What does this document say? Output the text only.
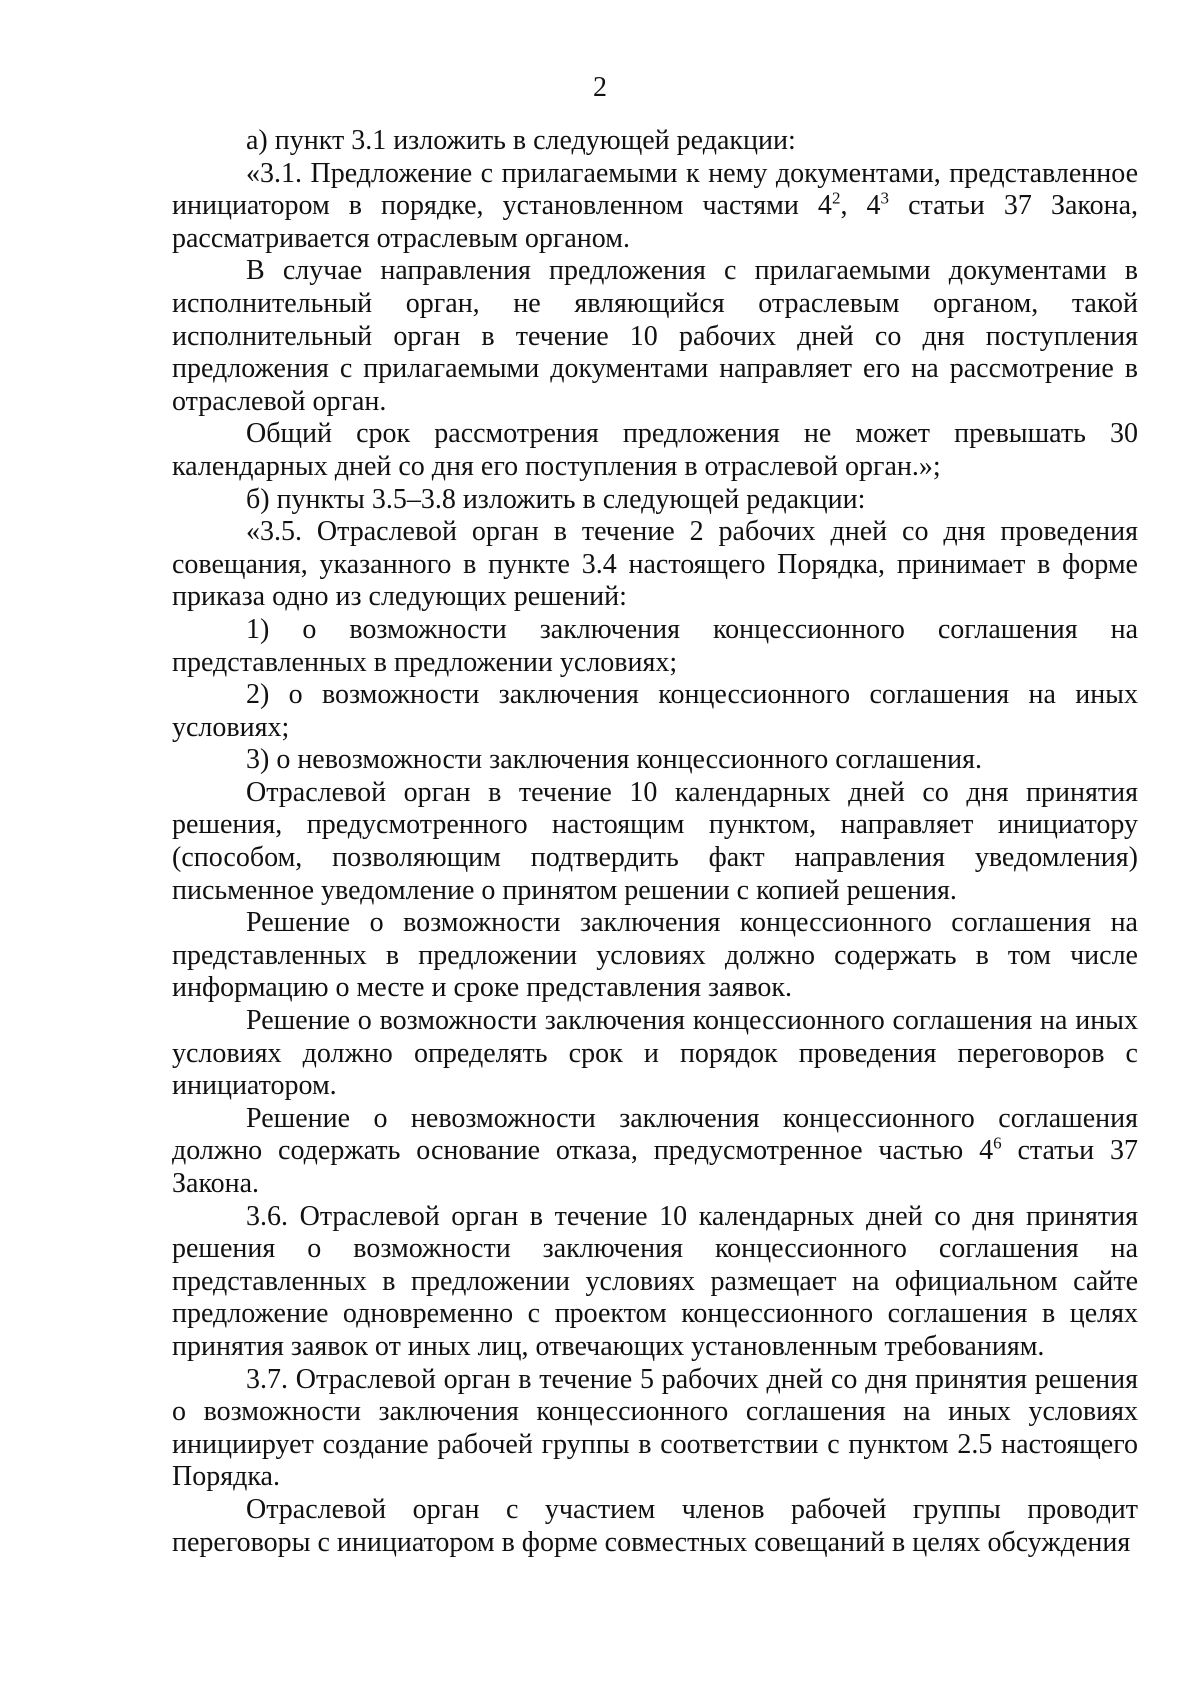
2

а) пункт 3.1 изложить в следующей редакции:

«3.1. Предложение с прилагаемыми к нему документами, представленное инициатором в порядке, установленном частями $4^2$, $4^3$ статьи 37 Закона, рассматривается отраслевым органом.

В случае направления предложения с прилагаемыми документами в исполнительный орган, не являющийся отраслевым органом, такой исполнительный орган в течение 10 рабочих дней со дня поступления предложения с прилагаемыми документами направляет его на рассмотрение в отраслевой орган.

Общий срок рассмотрения предложения не может превышать 30 календарных дней со дня его поступления в отраслевой орган.»;

б) пункты 3.5–3.8 изложить в следующей редакции:

«3.5. Отраслевой орган в течение 2 рабочих дней со дня проведения совещания, указанного в пункте 3.4 настоящего Порядка, принимает в форме приказа одно из следующих решений:

1) о возможности заключения концессионного соглашения на представленных в предложении условиях;

2) о возможности заключения концессионного соглашения на иных условиях;

3) о невозможности заключения концессионного соглашения.

Отраслевой орган в течение 10 календарных дней со дня принятия решения, предусмотренного настоящим пунктом, направляет инициатору (способом, позволяющим подтвердить факт направления уведомления) письменное уведомление о принятом решении с копией решения.

Решение о возможности заключения концессионного соглашения на представленных в предложении условиях должно содержать в том числе информацию о месте и сроке представления заявок.

Решение о возможности заключения концессионного соглашения на иных условиях должно определять срок и порядок проведения переговоров с инициатором.

Решение о невозможности заключения концессионного соглашения должно содержать основание отказа, предусмотренное частью $4^6$ статьи 37 Закона.

3.6. Отраслевой орган в течение 10 календарных дней со дня принятия решения о возможности заключения концессионного соглашения на представленных в предложении условиях размещает на официальном сайте предложение одновременно с проектом концессионного соглашения в целях принятия заявок от иных лиц, отвечающих установленным требованиям.

3.7. Отраслевой орган в течение 5 рабочих дней со дня принятия решения о возможности заключения концессионного соглашения на иных условиях инициирует создание рабочей группы в соответствии с пунктом 2.5 настоящего Порядка.

Отраслевой орган с участием членов рабочей группы проводит переговоры с инициатором в форме совместных совещаний в целях обсуждения
